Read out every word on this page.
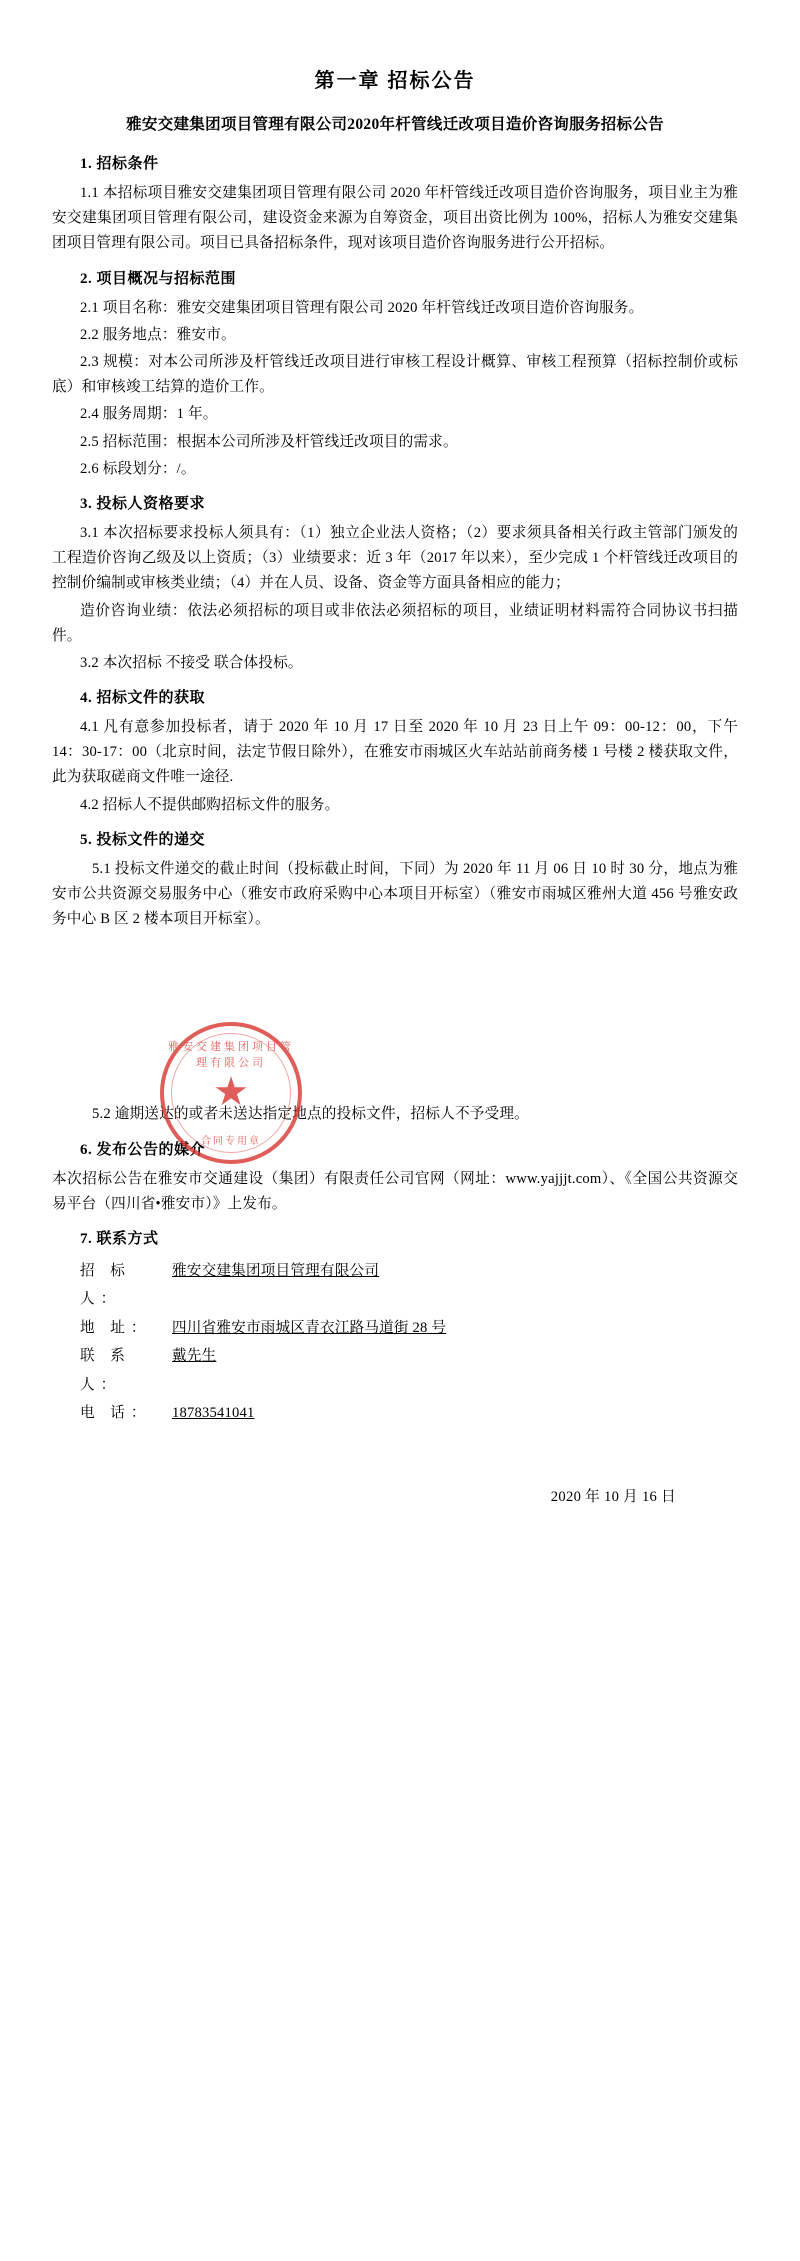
第一章 招标公告
雅安交建集团项目管理有限公司2020年杆管线迁改项目造价咨询服务招标公告
1. 招标条件

1.1 本招标项目雅安交建集团项目管理有限公司 2020 年杆管线迁改项目造价咨询服务，项目业主为雅安交建集团项目管理有限公司，建设资金来源为自筹资金，项目出资比例为 100%，招标人为雅安交建集团项目管理有限公司。项目已具备招标条件，现对该项目造价咨询服务进行公开招标。

2. 项目概况与招标范围

2.1 项目名称：雅安交建集团项目管理有限公司 2020 年杆管线迁改项目造价咨询服务。

2.2 服务地点：雅安市。

2.3 规模：对本公司所涉及杆管线迁改项目进行审核工程设计概算、审核工程预算（招标控制价或标底）和审核竣工结算的造价工作。

2.4 服务周期：1 年。

2.5 招标范围：根据本公司所涉及杆管线迁改项目的需求。

2.6 标段划分：/。

3. 投标人资格要求

3.1 本次招标要求投标人须具有：（1）独立企业法人资格；（2）要求须具备相关行政主管部门颁发的工程造价咨询乙级及以上资质；（3）业绩要求：近 3 年（2017 年以来），至少完成 1 个杆管线迁改项目的控制价编制或审核类业绩；（4）并在人员、设备、资金等方面具备相应的能力；

造价咨询业绩：依法必须招标的项目或非依法必须招标的项目，业绩证明材料需符合同协议书扫描件。

3.2 本次招标 不接受 联合体投标。

4. 招标文件的获取

4.1 凡有意参加投标者，请于 2020 年 10 月 17 日至 2020 年 10 月 23 日上午 09：00-12：00，下午 14：30-17：00（北京时间，法定节假日除外），在雅安市雨城区火车站站前商务楼 1 号楼 2 楼获取文件，此为获取磋商文件唯一途径.

4.2 招标人不提供邮购招标文件的服务。

5. 投标文件的递交

5.1 投标文件递交的截止时间（投标截止时间，下同）为 2020 年 11 月 06 日 10 时 30 分，地点为雅安市公共资源交易服务中心（雅安市政府采购中心本项目开标室）（雅安市雨城区雅州大道 456 号雅安政务中心 B 区 2 楼本项目开标室）。

5.2 逾期送达的或者未送达指定地点的投标文件，招标人不予受理。

6. 发布公告的媒介

本次招标公告在雅安市交通建设（集团）有限责任公司官网（网址：www.yajjjt.com）、《全国公共资源交易平台（四川省•雅安市）》上发布。

7. 联系方式
招 标 人：
雅安交建集团项目管理有限公司
地 址：	四川省雅安市雨城区青衣江路马道街 28 号
联 系 人：
戴先生
电 话：	18783541041
2020 年 10 月 16 日
雅安交建集团项目管理有限公司
★
合同专用章
